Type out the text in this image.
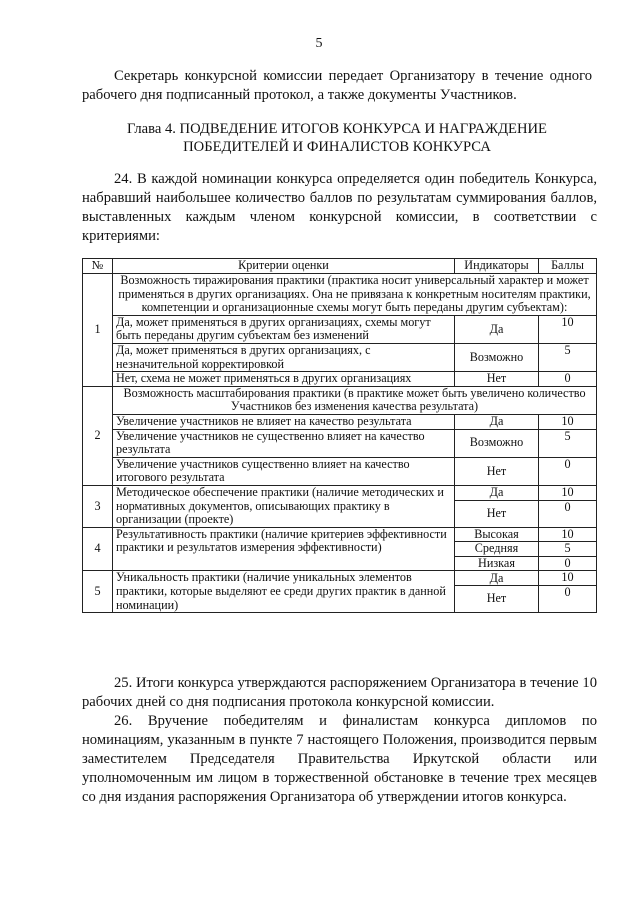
5

Секретарь конкурсной комиссии передает Организатору в течение одного рабочего дня подписанный протокол, а также документы Участников.

Глава 4. ПОДВЕДЕНИЕ ИТОГОВ КОНКУРСА И НАГРАЖДЕНИЕ
ПОБЕДИТЕЛЕЙ И ФИНАЛИСТОВ КОНКУРСА

24. В каждой номинации конкурса определяется один победитель Конкурса, набравший наибольшее количество баллов по результатам суммирования баллов, выставленных каждым членом конкурсной комиссии, в соответствии с критериями:

№	Критерии оценки	Индикаторы	Баллы
1	Возможность тиражирования практики (практика носит универсальный характер и может применяться в других организациях. Она не привязана к конкретным носителям практики, компетенции и организационные схемы могут быть переданы другим субъектам):		
	Да, может применяться в других организациях, схемы могут быть переданы другим субъектам без изменений	Да	10
	Да, может применяться в других организациях, с незначительной корректировкой	Возможно	5
	Нет, схема не может применяться в других организациях	Нет	0
2	Возможность масштабирования практики (в практике может быть увеличено количество Участников без изменения качества результата)		
	Увеличение участников не влияет на качество результата	Да	10
	Увеличение участников не существенно влияет на качество результата	Возможно	5
	Увеличение участников существенно влияет на качество итогового результата	Нет	0
3	Методическое обеспечение практики (наличие методических и нормативных документов, описывающих практику в организации (проекте)	Да	10
		Нет	0
4	Результативность практики (наличие критериев эффективности практики и результатов измерения эффективности)	Высокая	10
		Средняя	5
		Низкая	0
5	Уникальность практики (наличие уникальных элементов практики, которые выделяют ее среди других практик в данной номинации)	Да	10
		Нет	0

25. Итоги конкурса утверждаются распоряжением Организатора в течение 10 рабочих дней со дня подписания протокола конкурсной комиссии.

26. Вручение победителям и финалистам конкурса дипломов по номинациям, указанным в пункте 7 настоящего Положения, производится первым заместителем Председателя Правительства Иркутской области или уполномоченным им лицом в торжественной обстановке в течение трех месяцев со дня издания распоряжения Организатора об утверждении итогов конкурса.
